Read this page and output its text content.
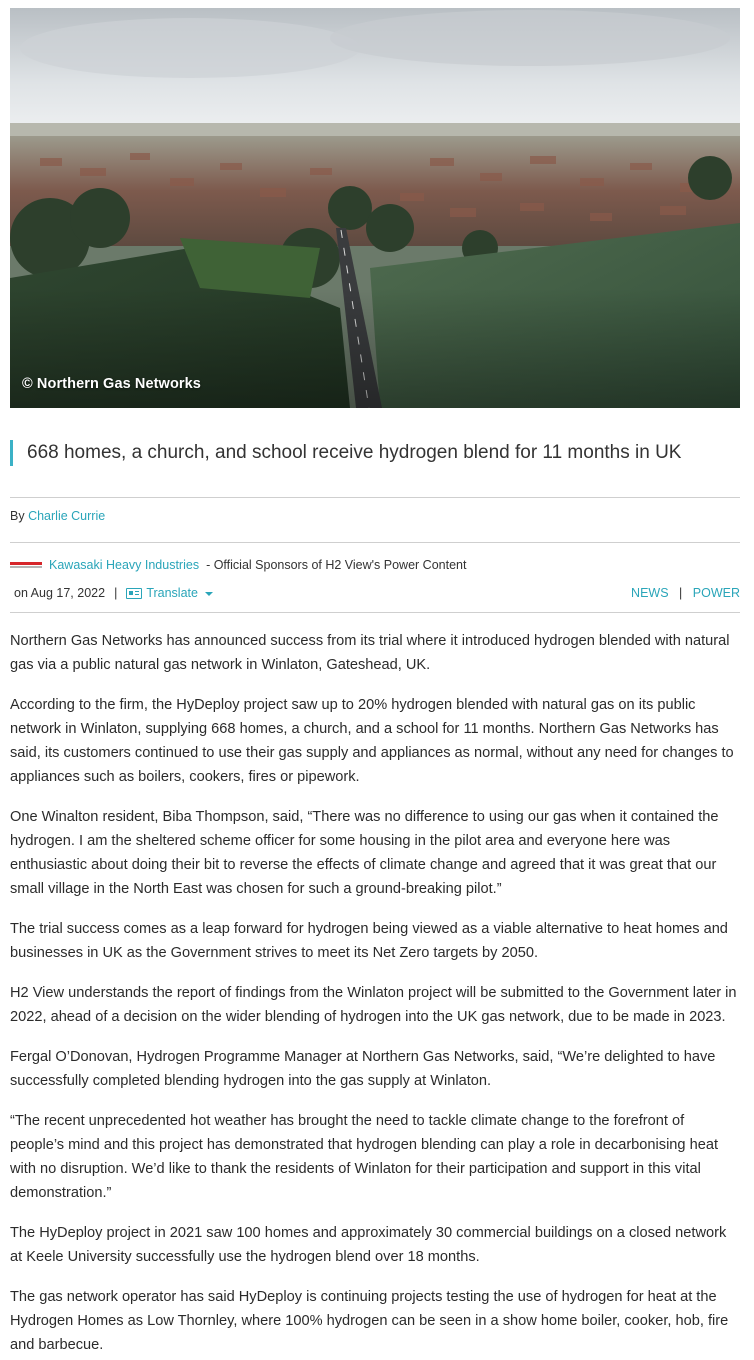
© Northern Gas Networks
668 homes, a church, and school receive hydrogen blend for 11 months in UK
By Charlie Currie
Kawasaki Heavy Industries - Official Sponsors of H2 View's Power Content
on Aug 17, 2022 | Translate	NEWS | POWER

Northern Gas Networks has announced success from its trial where it introduced hydrogen blended with natural gas via a public natural gas network in Winlaton, Gateshead, UK.

According to the firm, the HyDeploy project saw up to 20% hydrogen blended with natural gas on its public network in Winlaton, supplying 668 homes, a church, and a school for 11 months. Northern Gas Networks has said, its customers continued to use their gas supply and appliances as normal, without any need for changes to appliances such as boilers, cookers, fires or pipework.

One Winalton resident, Biba Thompson, said, “There was no difference to using our gas when it contained the hydrogen. I am the sheltered scheme officer for some housing in the pilot area and everyone here was enthusiastic about doing their bit to reverse the effects of climate change and agreed that it was great that our small village in the North East was chosen for such a ground-breaking pilot.”

The trial success comes as a leap forward for hydrogen being viewed as a viable alternative to heat homes and businesses in UK as the Government strives to meet its Net Zero targets by 2050.

H2 View understands the report of findings from the Winlaton project will be submitted to the Government later in 2022, ahead of a decision on the wider blending of hydrogen into the UK gas network, due to be made in 2023.

Fergal O’Donovan, Hydrogen Programme Manager at Northern Gas Networks, said, “We’re delighted to have successfully completed blending hydrogen into the gas supply at Winlaton.

“The recent unprecedented hot weather has brought the need to tackle climate change to the forefront of people’s mind and this project has demonstrated that hydrogen blending can play a role in decarbonising heat with no disruption. We’d like to thank the residents of Winlaton for their participation and support in this vital demonstration.”

The HyDeploy project in 2021 saw 100 homes and approximately 30 commercial buildings on a closed network at Keele University successfully use the hydrogen blend over 18 months.

The gas network operator has said HyDeploy is continuing projects testing the use of hydrogen for heat at the Hydrogen Homes as Low Thornley, where 100% hydrogen can be seen in a show home boiler, cooker, hob, fire and barbecue.
